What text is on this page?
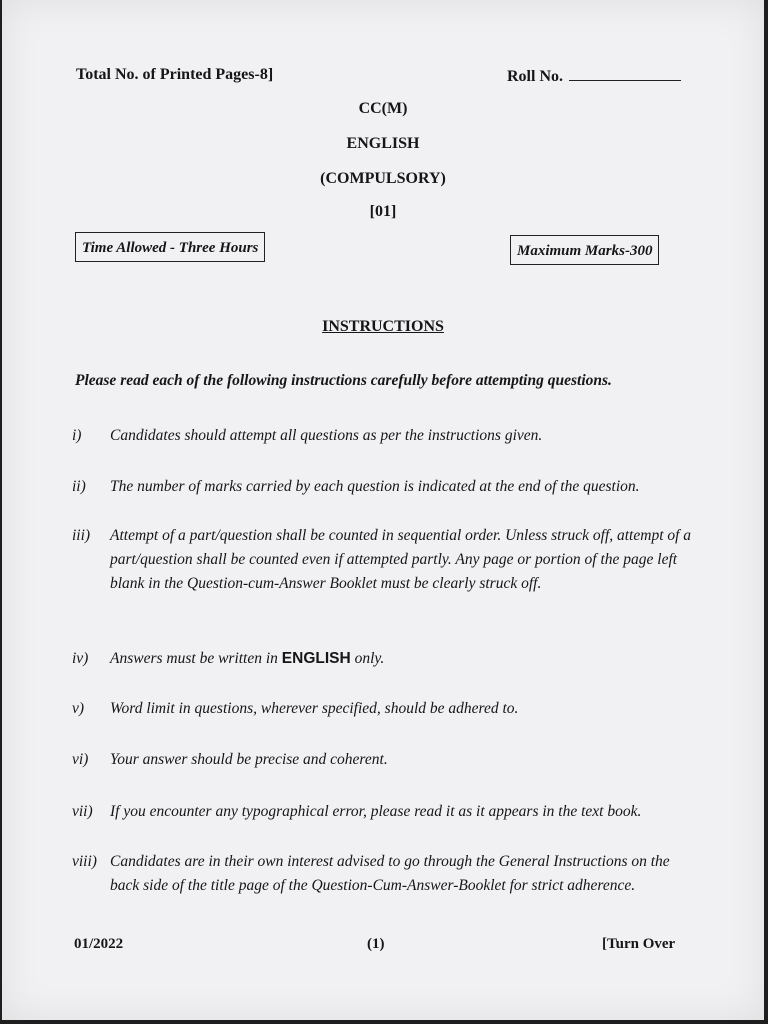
Total No. of Printed Pages-8]	Roll No.
CC(M)
ENGLISH
(COMPULSORY)
[01]
Time Allowed - Three Hours	Maximum Marks-300
INSTRUCTIONS
Please read each of the following instructions carefully before attempting questions.
i)	Candidates should attempt all questions as per the instructions given.
ii)	The number of marks carried by each question is indicated at the end of the question.
iii)	Attempt of a part/question shall be counted in sequential order. Unless struck off, attempt of a part/question shall be counted even if attempted partly. Any page or portion of the page left blank in the Question-cum-Answer Booklet must be clearly struck off.
iv)	Answers must be written in ENGLISH only.
v)	Word limit in questions, wherever specified, should be adhered to.
vi)	Your answer should be precise and coherent.
vii)	If you encounter any typographical error, please read it as it appears in the text book.
viii) Candidates are in their own interest advised to go through the General Instructions on the back side of the title page of the Question-Cum-Answer-Booklet for strict adherence.
01/2022	(1)	[Turn Over
